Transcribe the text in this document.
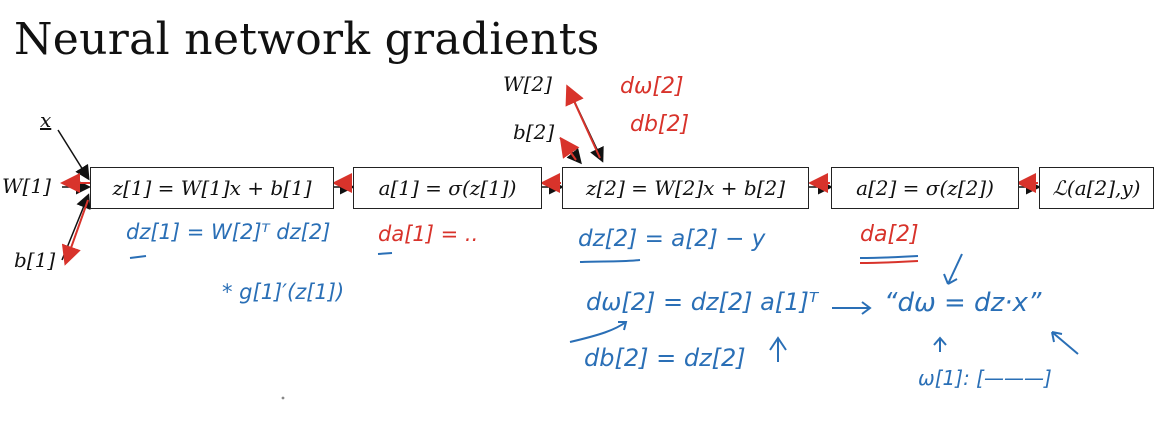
Neural network gradients
x
W[1]
b[1]
W[2]
b[2]
z[1] = W[1]x + b[1]	a[1] = σ(z[1])	z[2] = W[2]x + b[2]	a[2] = σ(z[2])	ℒ(a[2],y)
dω[2]
db[2]
dz[1] = W[2]ᵀ dz[2]
* g[1]′(z[1])
da[1] = ..	dz[2] = a[2] − y	da[2]
dω[2] = dz[2] a[1]ᵀ
db[2] = dz[2]
“dω = dz·x”
ω[1]: [———]
